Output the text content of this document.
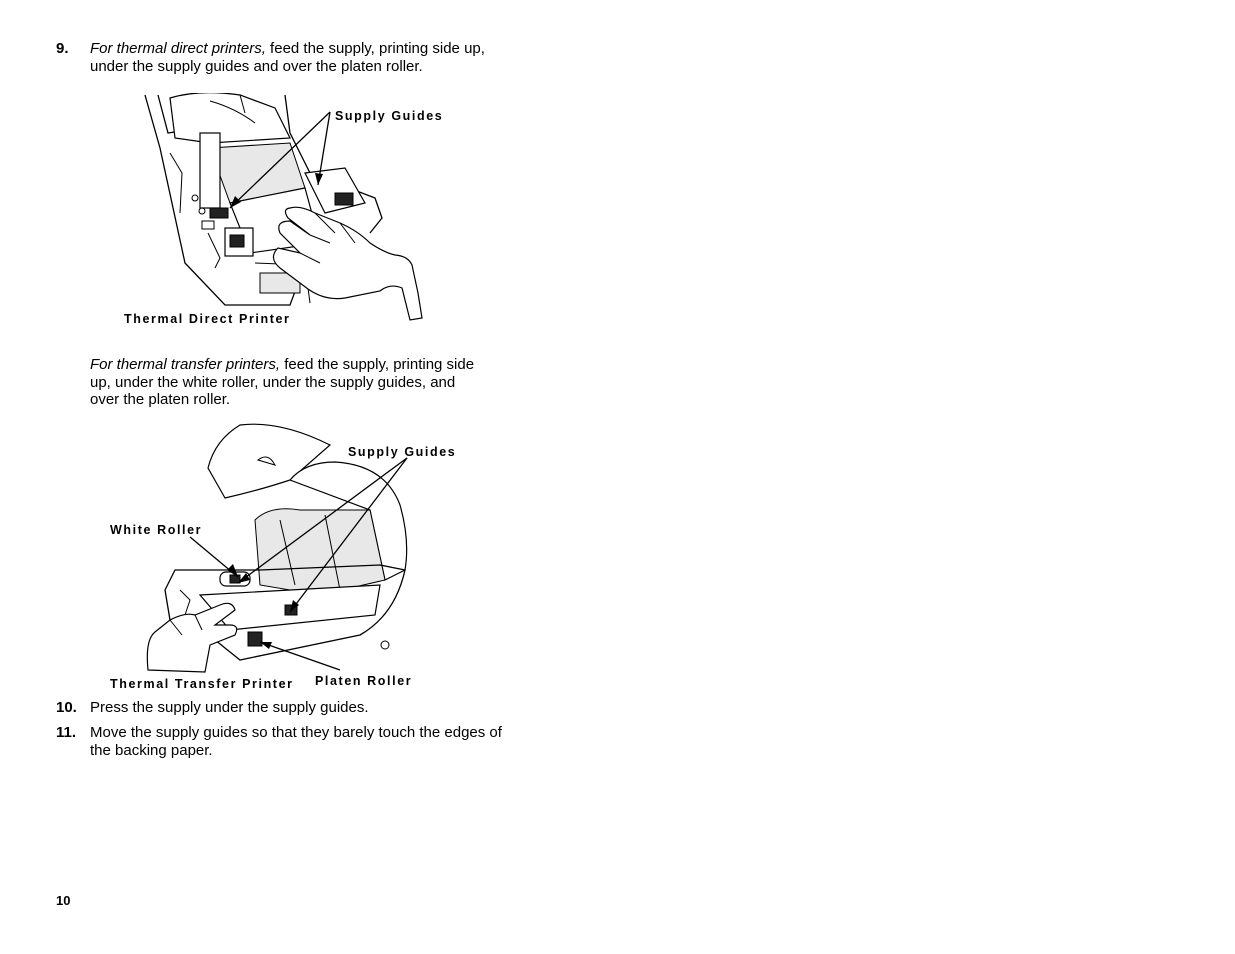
9. For thermal direct printers, feed the supply, printing side up,
under the supply guides and over the platen roller.
Supply Guides
Thermal Direct Printer
For thermal transfer printers, feed the supply, printing side
up, under the white roller, under the supply guides, and
over the platen roller.
Supply Guides
White Roller
Platen Roller
Thermal Transfer Printer
10. Press the supply under the supply guides.
11. Move the supply guides so that they barely touch the edges of
the backing paper.
10
